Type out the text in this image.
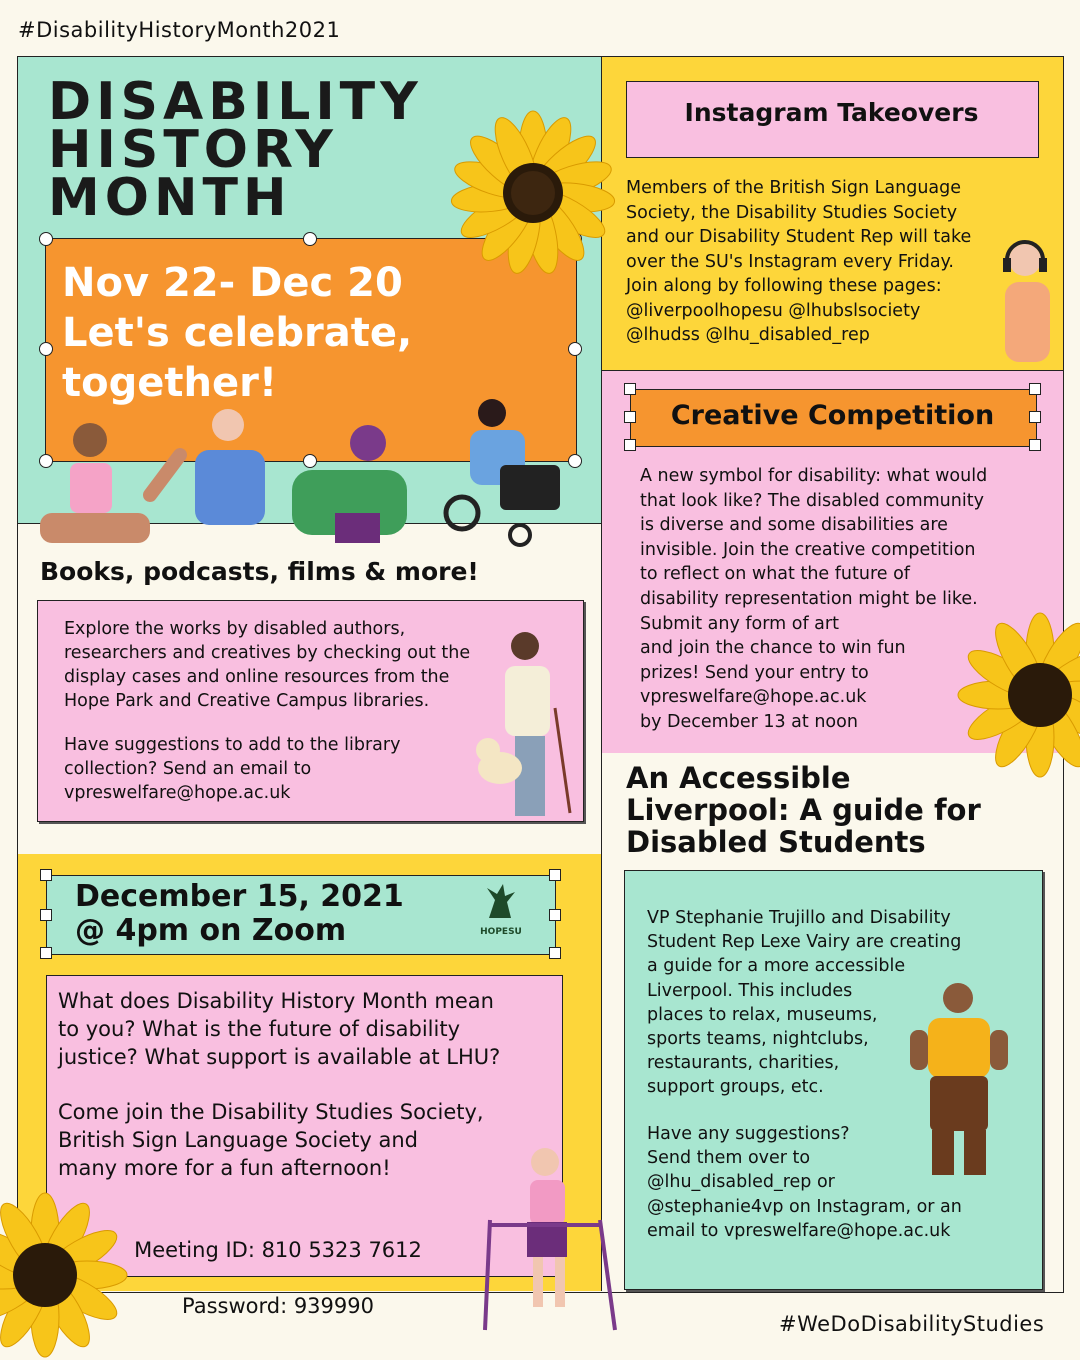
#DisabilityHistoryMonth2021
DISABILITY
HISTORY
MONTH
Nov 22- Dec 20
Let's celebrate,
together!
Books, podcasts, films & more!
Explore the works by disabled authors,
researchers and creatives by checking out the
display cases and online resources from the
Hope Park and Creative Campus libraries.
Have suggestions to add to the library
collection? Send an email to
vpreswelfare@hope.ac.uk
December 15, 2021
@ 4pm on Zoom	HOPESU
What does Disability History Month mean
to you? What is the future of disability
justice? What support is available at LHU?
Come join the Disability Studies Society,
British Sign Language Society and
many more for a fun afternoon!

Meeting ID: 810 5323 7612

Password: 939990

Instagram Takeovers
Members of the British Sign Language
Society, the Disability Studies Society
and our Disability Student Rep will take
over the SU's Instagram every Friday.
Join along by following these pages:
@liverpoolhopesu @lhubslsociety
@lhudss @lhu_disabled_rep
Creative Competition
A new symbol for disability: what would
that look like? The disabled community
is diverse and some disabilities are
invisible. Join the creative competition
to reflect on what the future of
disability representation might be like.
Submit any form of art
and join the chance to win fun
prizes! Send your entry to
vpreswelfare@hope.ac.uk
by December 13 at noon
An Accessible
Liverpool: A guide for
Disabled Students
VP Stephanie Trujillo and Disability
Student Rep Lexe Vairy are creating
a guide for a more accessible
Liverpool. This includes
places to relax, museums,
sports teams, nightclubs,
restaurants, charities,
support groups, etc.
Have any suggestions?
Send them over to
@lhu_disabled_rep or
@stephanie4vp on Instagram, or an
email to vpreswelfare@hope.ac.uk
#WeDoDisabilityStudies
